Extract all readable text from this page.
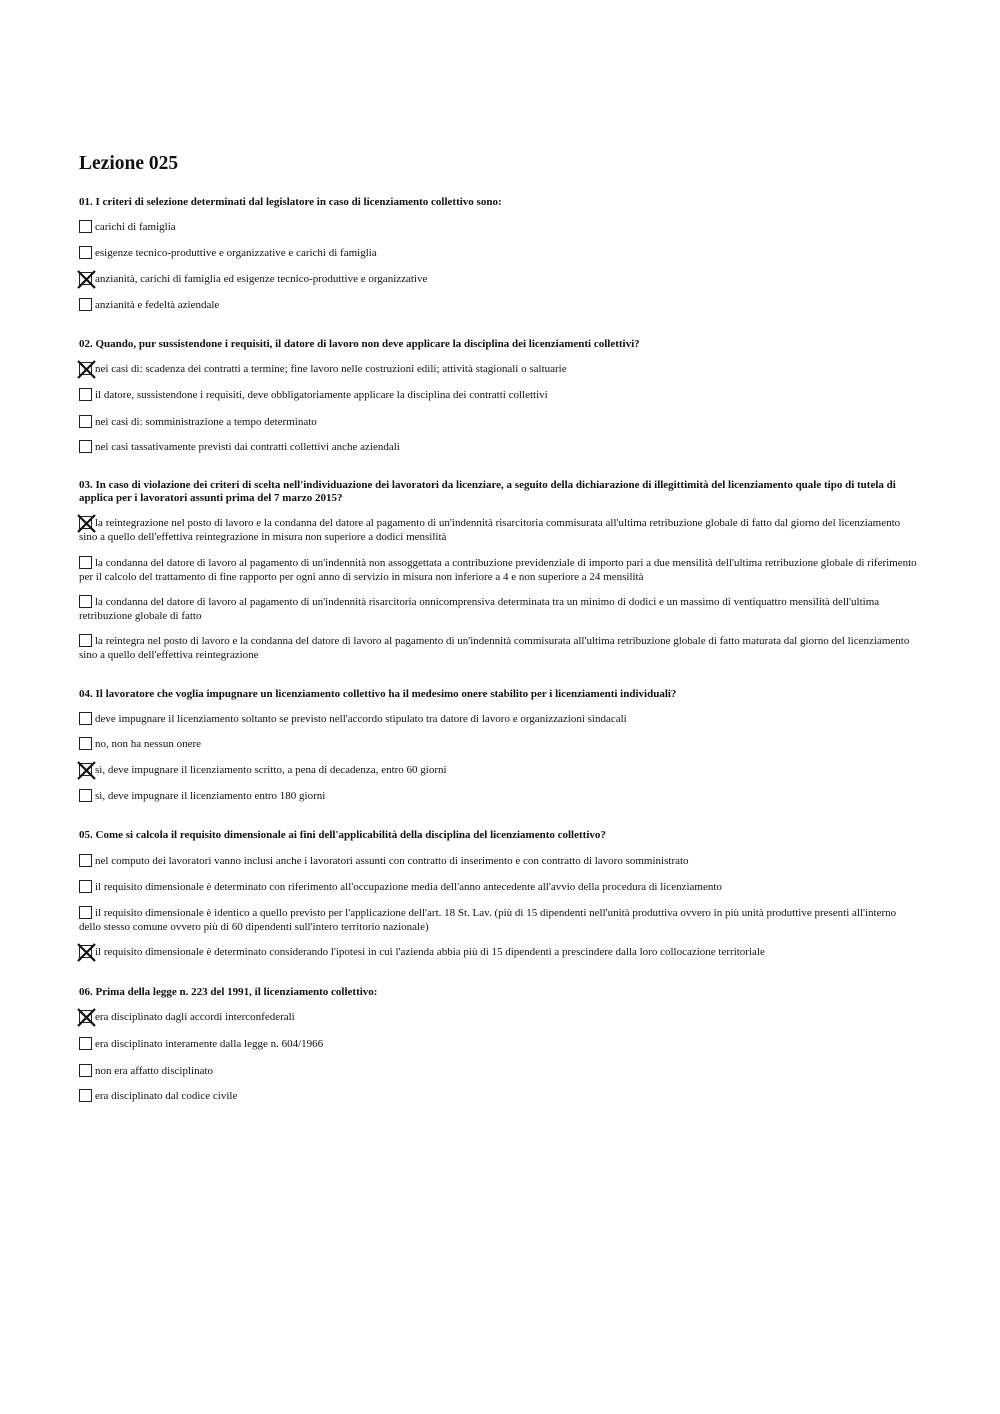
Lezione 025
01. I criteri di selezione determinati dal legislatore in caso di licenziamento collettivo sono:
carichi di famiglia
esigenze tecnico-produttive e organizzative e carichi di famiglia
anzianità, carichi di famiglia ed esigenze tecnico-produttive e organizzative
anzianità e fedeltà aziendale
02. Quando, pur sussistendone i requisiti, il datore di lavoro non deve applicare la disciplina dei licenziamenti collettivi?
nei casi di: scadenza dei contratti a termine; fine lavoro nelle costruzioni edili; attività stagionali o saltuarie
il datore, sussistendone i requisiti, deve obbligatoriamente applicare la disciplina dei contratti collettivi
nei casi di: somministrazione a tempo determinato
nei casi tassativamente previsti dai contratti collettivi anche aziendali
03. In caso di violazione dei criteri di scelta nell'individuazione dei lavoratori da licenziare, a seguito della dichiarazione di illegittimità del licenziamento quale tipo di tutela di applica per i lavoratori assunti prima del 7 marzo 2015?
la reintegrazione nel posto di lavoro e la condanna del datore al pagamento di un'indennità risarcitoria commisurata all'ultima retribuzione globale di fatto dal giorno del licenziamento sino a quello dell'effettiva reintegrazione in misura non superiore a dodici mensilità
la condanna del datore di lavoro al pagamento di un'indennità non assoggettata a contribuzione previdenziale di importo pari a due mensilità dell'ultima retribuzione globale di riferimento per il calcolo del trattamento di fine rapporto per ogni anno di servizio in misura non inferiore a 4 e non superiore a 24 mensilità
la condanna del datore di lavoro al pagamento di un'indennità risarcitoria onnicomprensiva determinata tra un minimo di dodici e un massimo di ventiquattro mensilità dell'ultima retribuzione globale di fatto
la reintegra nel posto di lavoro e la condanna del datore di lavoro al pagamento di un'indennità commisurata all'ultima retribuzione globale di fatto maturata dal giorno del licenziamento sino a quello dell'effettiva reintegrazione
04. Il lavoratore che voglia impugnare un licenziamento collettivo ha il medesimo onere stabilito per i licenziamenti individuali?
deve impugnare il licenziamento soltanto se previsto nell'accordo stipulato tra datore di lavoro e organizzazioni sindacali
no, non ha nessun onere
sì, deve impugnare il licenziamento scritto, a pena di decadenza, entro 60 giorni
sì, deve impugnare il licenziamento entro 180 giorni
05. Come si calcola il requisito dimensionale ai fini dell'applicabilità della disciplina del licenziamento collettivo?
nel computo dei lavoratori vanno inclusi anche i lavoratori assunti con contratto di inserimento e con contratto di lavoro somministrato
il requisito dimensionale è determinato con riferimento all'occupazione media dell'anno antecedente all'avvio della procedura di licenziamento
il requisito dimensionale è identico a quello previsto per l'applicazione dell'art. 18 St. Lav. (più di 15 dipendenti nell'unità produttiva ovvero in più unità produttive presenti all'interno dello stesso comune ovvero più di 60 dipendenti sull'intero territorio nazionale)
il requisito dimensionale è determinato considerando l'ipotesi in cui l'azienda abbia più di 15 dipendenti a prescindere dalla loro collocazione territoriale
06. Prima della legge n. 223 del 1991, il licenziamento collettivo:
era disciplinato dagli accordi interconfederali
era disciplinato interamente dalla legge n. 604/1966
non era affatto disciplinato
era disciplinato dal codice civile
